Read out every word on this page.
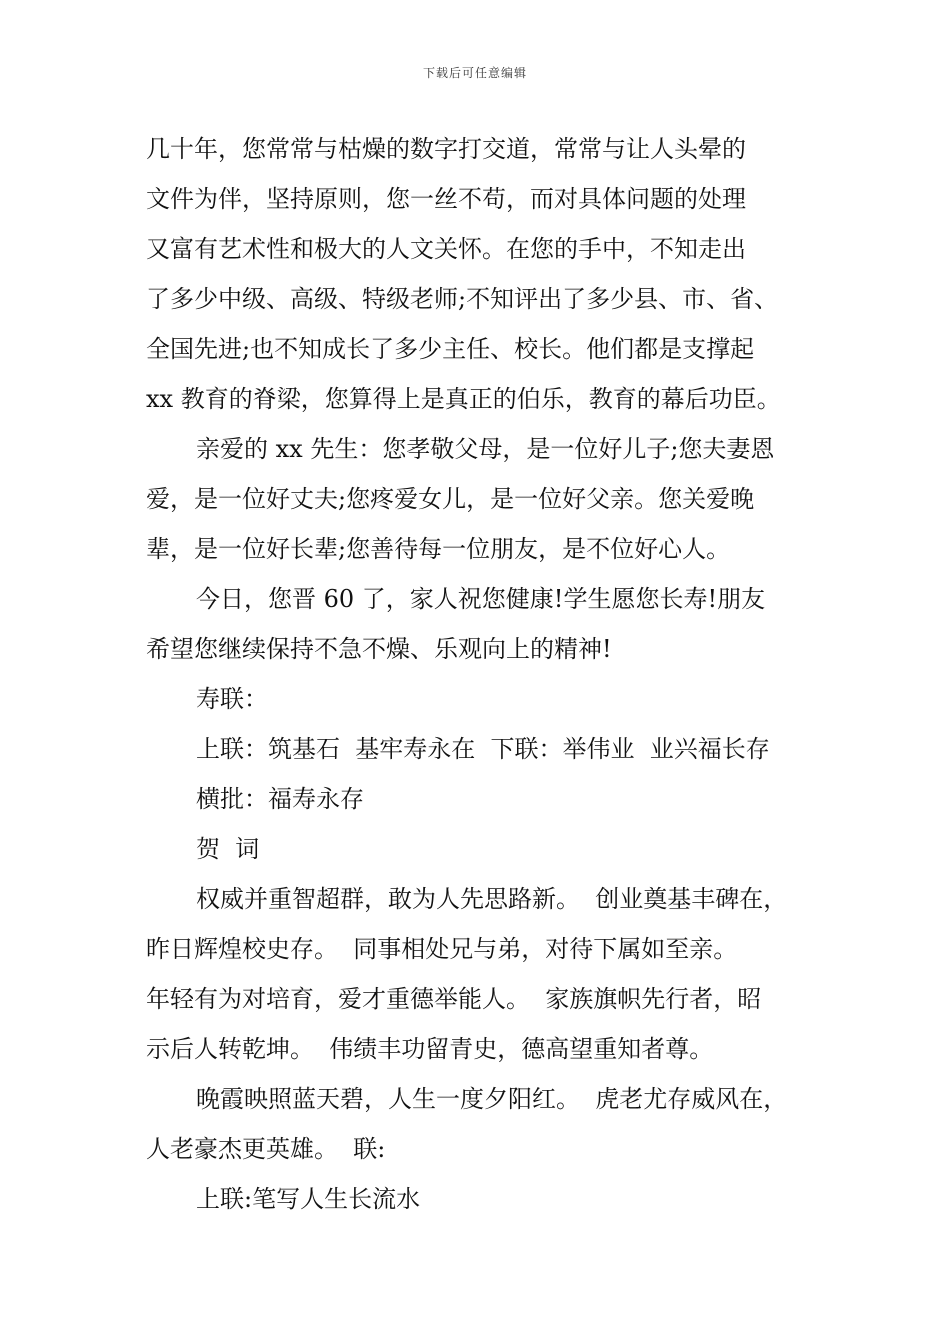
下载后可任意编辑
几十年，您常常与枯燥的数字打交道，常常与让人头晕的
文件为伴，坚持原则，您一丝不苟，而对具体问题的处理
又富有艺术性和极大的人文关怀。在您的手中，不知走出
了多少中级、高级、特级老师;不知评出了多少县、市、省、
全国先进;也不知成长了多少主任、校长。他们都是支撑起
xx 教育的脊梁，您算得上是真正的伯乐，教育的幕后功臣。
亲爱的 xx 先生：您孝敬父母，是一位好儿子;您夫妻恩
爱，是一位好丈夫;您疼爱女儿，是一位好父亲。您关爱晚
辈，是一位好长辈;您善待每一位朋友，是不位好心人。
今日，您晋 60 了，家人祝您健康!学生愿您长寿!朋友
希望您继续保持不急不燥、乐观向上的精神!
寿联：
上联：筑基石  基牢寿永在  下联：举伟业  业兴福长存
横批：福寿永存
贺  词
权威并重智超群，敢为人先思路新。  创业奠基丰碑在，
昨日辉煌校史存。  同事相处兄与弟，对待下属如至亲。
年轻有为对培育，爱才重德举能人。  家族旗帜先行者，昭
示后人转乾坤。  伟绩丰功留青史，德高望重知者尊。
晚霞映照蓝天碧，人生一度夕阳红。  虎老尤存威风在，
人老豪杰更英雄。  联:
上联:笔写人生长流水
